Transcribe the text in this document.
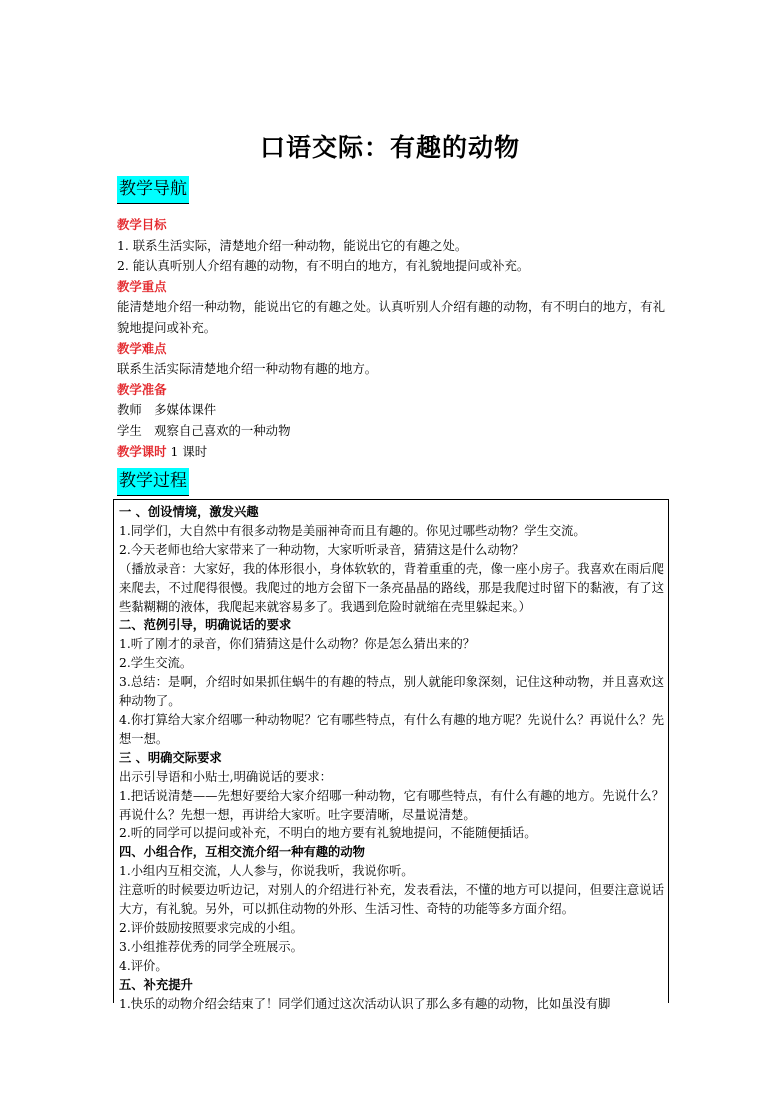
口语交际：有趣的动物
教学导航
教学目标
1. 联系生活实际，清楚地介绍一种动物，能说出它的有趣之处。
2. 能认真听别人介绍有趣的动物，有不明白的地方，有礼貌地提问或补充。
教学重点
能清楚地介绍一种动物，能说出它的有趣之处。认真听别人介绍有趣的动物，有不明白的地方，有礼貌地提问或补充。
教学难点
联系生活实际清楚地介绍一种动物有趣的地方。
教学准备
教师　多媒体课件
学生　观察自己喜欢的一种动物
教学课时 1 课时
教学过程
一 、创设情境，激发兴趣
1.同学们，大自然中有很多动物是美丽神奇而且有趣的。你见过哪些动物？学生交流。
2.今天老师也给大家带来了一种动物，大家听听录音，猜猜这是什么动物？
（播放录音：大家好，我的体形很小，身体软软的，背着重重的壳，像一座小房子。我喜欢在雨后爬来爬去，不过爬得很慢。我爬过的地方会留下一条亮晶晶的路线，那是我爬过时留下的黏液，有了这些黏糊糊的液体，我爬起来就容易多了。我遇到危险时就缩在壳里躲起来。）
二、范例引导，明确说话的要求
1.听了刚才的录音，你们猜猜这是什么动物？你是怎么猜出来的？
2.学生交流。
3.总结：是啊，介绍时如果抓住蜗牛的有趣的特点，别人就能印象深刻，记住这种动物，并且喜欢这种动物了。
4.你打算给大家介绍哪一种动物呢？它有哪些特点，有什么有趣的地方呢？先说什么？再说什么？先想一想。
三 、明确交际要求
出示引导语和小贴士,明确说话的要求：
1.把话说清楚——先想好要给大家介绍哪一种动物，它有哪些特点，有什么有趣的地方。先说什么？再说什么？先想一想，再讲给大家听。吐字要清晰，尽量说清楚。
2.听的同学可以提问或补充，不明白的地方要有礼貌地提问，不能随便插话。
四、小组合作，互相交流介绍一种有趣的动物
1.小组内互相交流，人人参与，你说我听，我说你听。
注意听的时候要边听边记，对别人的介绍进行补充，发表看法，不懂的地方可以提问，但要注意说话大方，有礼貌。另外，可以抓住动物的外形、生活习性、奇特的功能等多方面介绍。
2.评价鼓励按照要求完成的小组。
3.小组推荐优秀的同学全班展示。
4.评价。
五、补充提升
1.快乐的动物介绍会结束了！同学们通过这次活动认识了那么多有趣的动物，比如虽没有脚
